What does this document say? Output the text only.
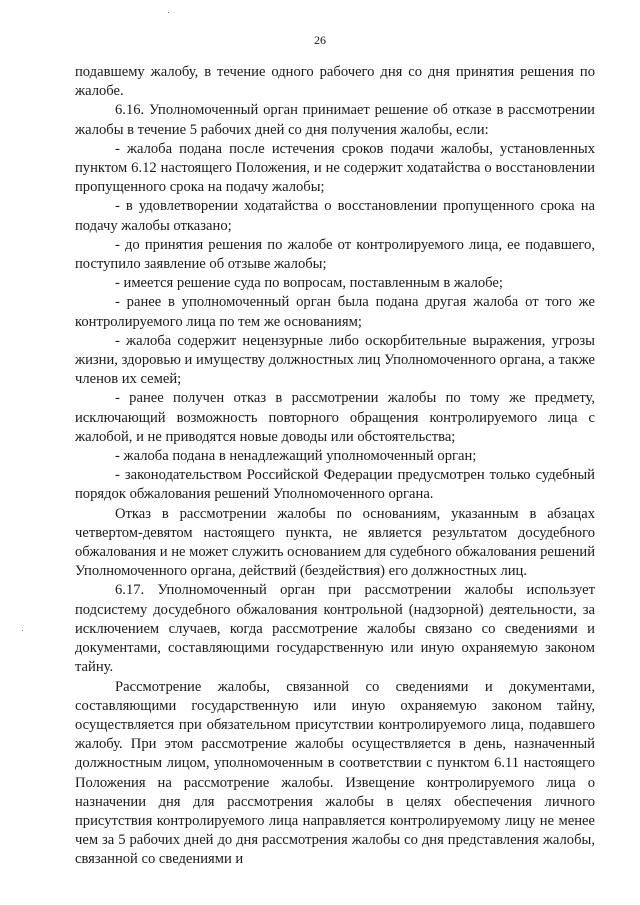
26

подавшему жалобу, в течение одного рабочего дня со дня принятия решения по жалобе.

6.16. Уполномоченный орган принимает решение об отказе в рассмотрении жалобы в течение 5 рабочих дней со дня получения жалобы, если:

- жалоба подана после истечения сроков подачи жалобы, установленных пунктом 6.12 настоящего Положения, и не содержит ходатайства о восстановлении пропущенного срока на подачу жалобы;

- в удовлетворении ходатайства о восстановлении пропущенного срока на подачу жалобы отказано;

- до принятия решения по жалобе от контролируемого лица, ее подавшего, поступило заявление об отзыве жалобы;

- имеется решение суда по вопросам, поставленным в жалобе;

- ранее в уполномоченный орган была подана другая жалоба от того же контролируемого лица по тем же основаниям;

- жалоба содержит нецензурные либо оскорбительные выражения, угрозы жизни, здоровью и имуществу должностных лиц Уполномоченного органа, а также членов их семей;

- ранее получен отказ в рассмотрении жалобы по тому же предмету, исключающий возможность повторного обращения контролируемого лица с жалобой, и не приводятся новые доводы или обстоятельства;

- жалоба подана в ненадлежащий уполномоченный орган;

- законодательством Российской Федерации предусмотрен только судебный порядок обжалования решений Уполномоченного органа.

Отказ в рассмотрении жалобы по основаниям, указанным в абзацах четвертом-девятом настоящего пункта, не является результатом досудебного обжалования и не может служить основанием для судебного обжалования решений Уполномоченного органа, действий (бездействия) его должностных лиц.

6.17. Уполномоченный орган при рассмотрении жалобы использует подсистему досудебного обжалования контрольной (надзорной) деятельности, за исключением случаев, когда рассмотрение жалобы связано со сведениями и документами, составляющими государственную или иную охраняемую законом тайну.

Рассмотрение жалобы, связанной со сведениями и документами, составляющими государственную или иную охраняемую законом тайну, осуществляется при обязательном присутствии контролируемого лица, подавшего жалобу. При этом рассмотрение жалобы осуществляется в день, назначенный должностным лицом, уполномоченным в соответствии с пунктом 6.11 настоящего Положения на рассмотрение жалобы. Извещение контролируемого лица о назначении дня для рассмотрения жалобы в целях обеспечения личного присутствия контролируемого лица направляется контролируемому лицу не менее чем за 5 рабочих дней до дня рассмотрения жалобы со дня представления жалобы, связанной со сведениями и
